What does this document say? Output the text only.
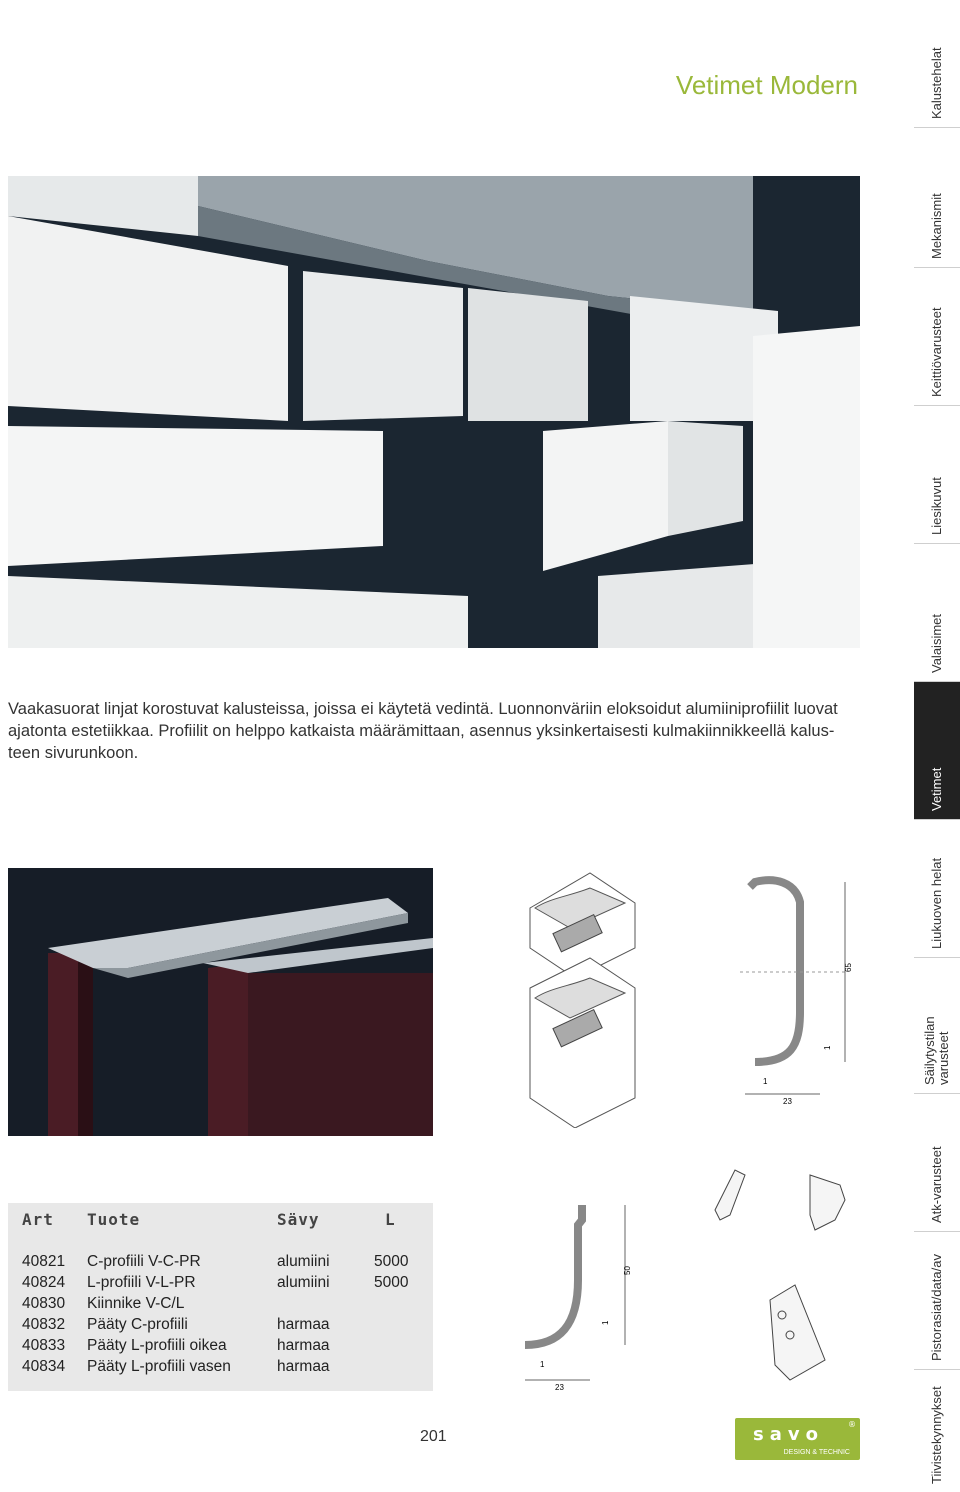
Vetimet Modern
Vaakasuorat linjat korostuvat kalusteissa, joissa ei käytetä vedintä. Luonnonväriin eloksoidut alumiiniprofiilit luovat ajatonta estetiikkaa. Profiilit on helppo katkaista määrämittaan, asennus yksinkertaisesti kulmakiinnikkeellä kalusteen sivurunkoon.
65
1
23
1
50
1
23
1
Art Tuote	Sävy	L
40821 C-profiili V-C-PR	alumiini	5000
40824 L-profiili V-L-PR	alumiini	5000
40830 Kiinnike V-C/L
40832 Pääty C-profiili	harmaa
40833 Pääty L-profiili oikea	harmaa
40834 Pääty L-profiili vasen	harmaa
201	savo	®
DESIGN & TECHNIC
Kalustehelat
Mekanismit
Keittiövarusteet
Liesikuvut
Valaisimet
Vetimet
Liukuoven helat
Säilytystilan varusteet
Atk-varusteet
Pistorasiat/data/av
Tiivistekynnykset
